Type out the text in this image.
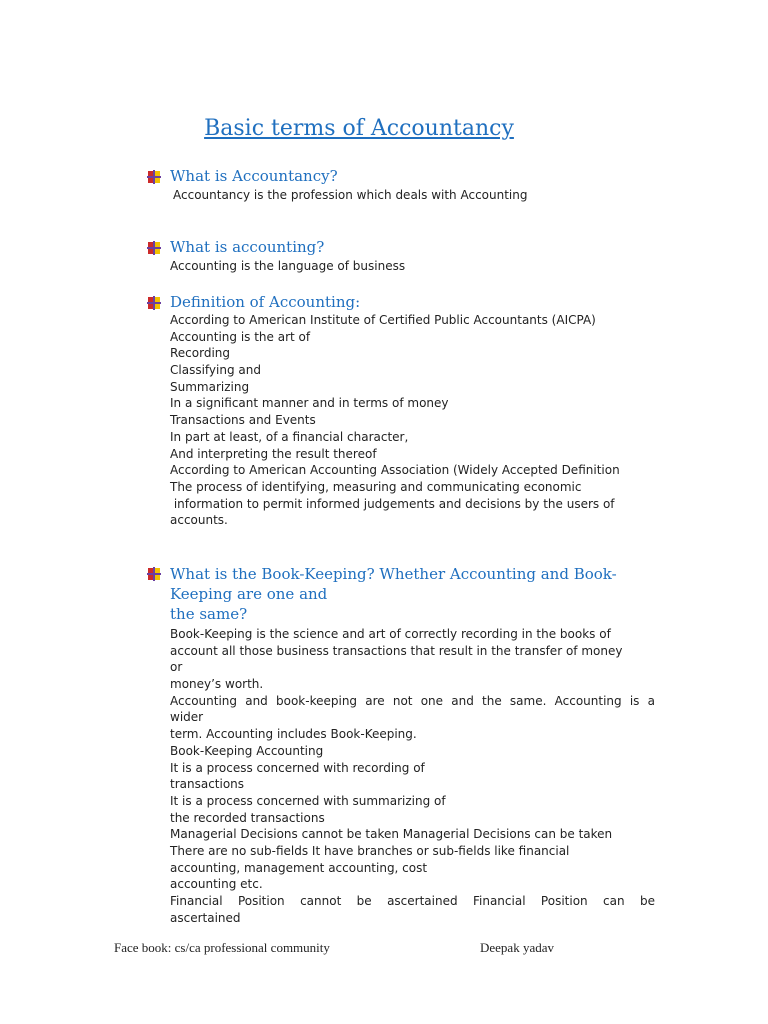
Basic terms of Accountancy
What is Accountancy?
Accountancy is the profession which deals with Accounting
What is accounting?
Accounting is the language of business
Definition of Accounting:
According to American Institute of Certified Public Accountants (AICPA)
Accounting is the art of
Recording
Classifying and
Summarizing
In a significant manner and in terms of money
Transactions and Events
In part at least, of a financial character,
And interpreting the result thereof
According to American Accounting Association (Widely Accepted Definition
The process of identifying, measuring and communicating economic
information to permit informed judgements and decisions by the users of
accounts.
What is the Book-Keeping? Whether Accounting and Book-
Keeping are one and
the same?
Book-Keeping is the science and art of correctly recording in the books of
account all those business transactions that result in the transfer of money
or
money’s worth.
Accounting and book-keeping are not one and the same. Accounting is a
wider
term. Accounting includes Book-Keeping.
Book-Keeping Accounting
It is a process concerned with recording of
transactions
It is a process concerned with summarizing of
the recorded transactions
Managerial Decisions cannot be taken Managerial Decisions can be taken
There are no sub-fields It have branches or sub-fields like financial
accounting, management accounting, cost
accounting etc.
Financial Position cannot be ascertained Financial Position can be
ascertained
Face book: cs/ca professional community	Deepak yadav
